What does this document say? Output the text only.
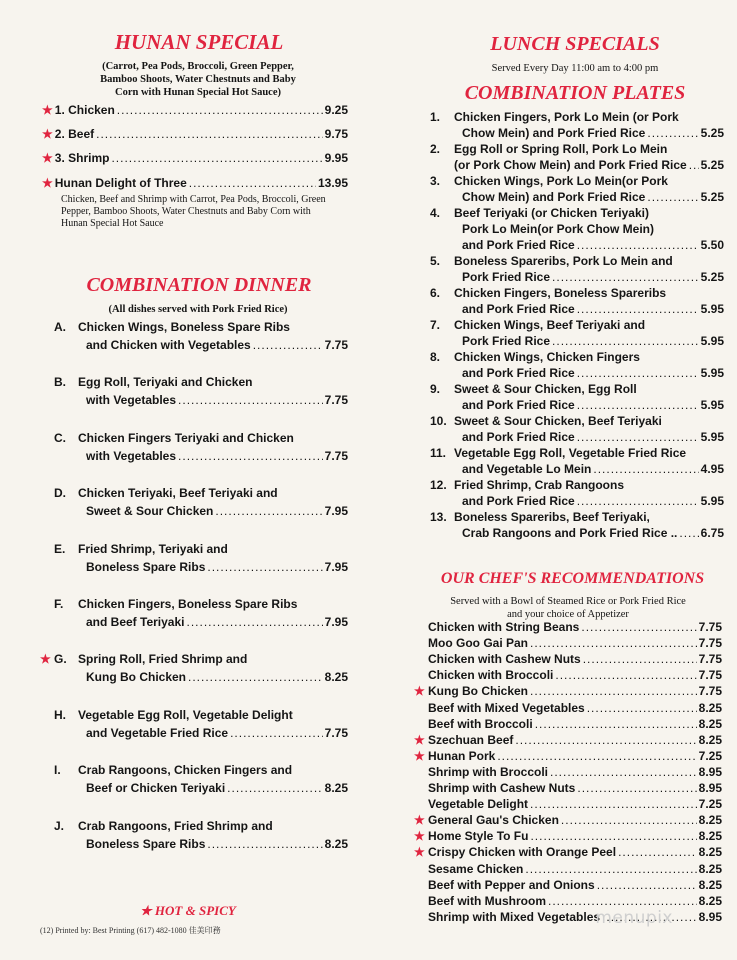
HUNAN SPECIAL
(Carrot, Pea Pods, Broccoli, Green Pepper, Bamboo Shoots, Water Chestnuts and Baby Corn with Hunan Special Hot Sauce)
★ 1. Chicken .....	9.25
★ 2. Beef .....	9.75
★ 3. Shrimp .....	9.95
★ Hunan Delight of Three .....	13.95
Chicken, Beef and Shrimp with Carrot, Pea Pods, Broccoli, Green Pepper, Bamboo Shoots, Water Chestnuts and Baby Corn with Hunan Special Hot Sauce
COMBINATION DINNER
(All dishes served with Pork Fried Rice)
A. Chicken Wings, Boneless Spare Ribs
and Chicken with Vegetables .....	7.75
B. Egg Roll, Teriyaki and Chicken
with Vegetables .....	7.75
C. Chicken Fingers Teriyaki and Chicken
with Vegetables .....	7.75
D. Chicken Teriyaki, Beef Teriyaki and
Sweet & Sour Chicken .....	7.95
E. Fried Shrimp, Teriyaki and
Boneless Spare Ribs .....	7.95
F. Chicken Fingers, Boneless Spare Ribs
and Beef Teriyaki .....	7.95
★ G. Spring Roll, Fried Shrimp and
Kung Bo Chicken .....	8.25
H. Vegetable Egg Roll, Vegetable Delight
and Vegetable Fried Rice .....	7.75
I. Crab Rangoons, Chicken Fingers and
Beef or Chicken Teriyaki .....	8.25
J. Crab Rangoons, Fried Shrimp and
Boneless Spare Ribs .....	8.25
★ HOT & SPICY
(12) Printed by: Best Printing (617) 482-1080 佳美印務
LUNCH SPECIALS
Served Every Day 11:00 am to 4:00 pm
COMBINATION PLATES
1. Chicken Fingers, Pork Lo Mein (or Pork
Chow Mein) and Pork Fried Rice .....	5.25
2. Egg Roll or Spring Roll, Pork Lo Mein
(or Pork Chow Mein) and Pork Fried Rice ..... 5.25
3. Chicken Wings, Pork Lo Mein(or Pork
Chow Mein) and Pork Fried Rice .....	5.25
4. Beef Teriyaki (or Chicken Teriyaki)
Pork Lo Mein(or Pork Chow Mein)
and Pork Fried Rice .....	5.50
5. Boneless Spareribs, Pork Lo Mein and
Pork Fried Rice .....	5.25
6. Chicken Fingers, Boneless Spareribs
and Pork Fried Rice .....	5.95
7. Chicken Wings, Beef Teriyaki and
Pork Fried Rice .....	5.95
8. Chicken Wings, Chicken Fingers
and Pork Fried Rice .....	5.95
9. Sweet & Sour Chicken, Egg Roll
and Pork Fried Rice .....	5.95
10. Sweet & Sour Chicken, Beef Teriyaki
and Pork Fried Rice .....	5.95
11. Vegetable Egg Roll, Vegetable Fried Rice
and Vegetable Lo Mein .....	4.95
12. Fried Shrimp, Crab Rangoons
and Pork Fried Rice .....	5.95
13. Boneless Spareribs, Beef Teriyaki,
Crab Rangoons and Pork Fried Rice .. ..... 6.75
OUR CHEF'S RECOMMENDATIONS
Served with a Bowl of Steamed Rice or Pork Fried Rice and your choice of Appetizer
Chicken with String Beans .....	7.75
Moo Goo Gai Pan .....	7.75
Chicken with Cashew Nuts .....	7.75
Chicken with Broccoli .....	7.75
★ Kung Bo Chicken .....	7.75
Beef with Mixed Vegetables .....	8.25
Beef with Broccoli .....	8.25
★ Szechuan Beef .....	8.25
★ Hunan Pork .....	7.25
Shrimp with Broccoli .....	8.95
Shrimp with Cashew Nuts .....	8.95
Vegetable Delight .....	7.25
★ General Gau's Chicken .....	8.25
★ Home Style To Fu .....	8.25
★ Crispy Chicken with Orange Peel .....	8.25
Sesame Chicken .....	8.25
Beef with Pepper and Onions .....	8.25
Beef with Mushroom .....	8.25
Shrimp with Mixed Vegetables .....	8.95
menupix
